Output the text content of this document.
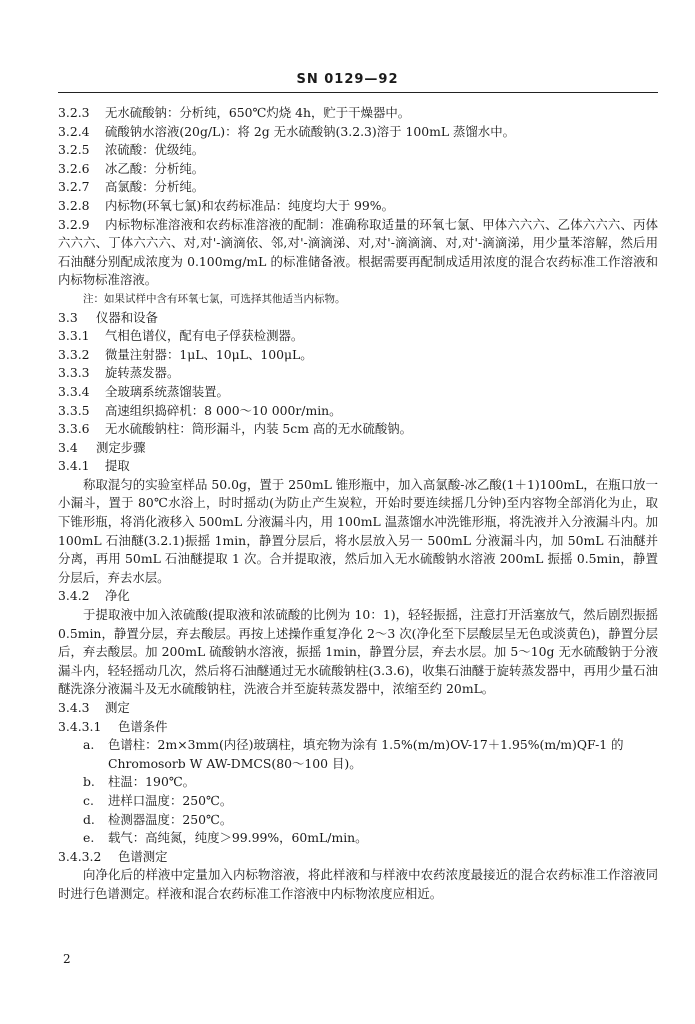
SN 0129—92
3.2.3	无水硫酸钠：分析纯，650℃灼烧 4h，贮于干燥器中。
3.2.4	硫酸钠水溶液(20g/L)：将 2g 无水硫酸钠(3.2.3)溶于 100mL 蒸馏水中。
3.2.5	浓硫酸：优级纯。
3.2.6	冰乙酸：分析纯。
3.2.7	高氯酸：分析纯。
3.2.8	内标物(环氧七氯)和农药标准品：纯度均大于 99%。
3.2.9 内标物标准溶液和农药标准溶液的配制：准确称取适量的环氧七氯、甲体六六六、乙体六六六、丙体六六六、丁体六六六、对,对'-滴滴依、邻,对'-滴滴涕、对,对'-滴滴滴、对,对'-滴滴涕，用少量苯溶解，然后用石油醚分别配成浓度为 0.100mg/mL 的标准储备液。根据需要再配制成适用浓度的混合农药标准工作溶液和内标物标准溶液。
注：如果试样中含有环氧七氯，可选择其他适当内标物。
3.3	仪器和设备
3.3.1	气相色谱仪，配有电子俘获检测器。
3.3.2	微量注射器：1μL、10μL、100μL。
3.3.3	旋转蒸发器。
3.3.4	全玻璃系统蒸馏装置。
3.3.5	高速组织捣碎机：8 000～10 000r/min。
3.3.6	无水硫酸钠柱：筒形漏斗，内装 5cm 高的无水硫酸钠。
3.4	测定步骤
3.4.1	提取
称取混匀的实验室样品 50.0g，置于 250mL 锥形瓶中，加入高氯酸-冰乙酸(1＋1)100mL，在瓶口放一小漏斗，置于 80℃水浴上，时时摇动(为防止产生炭粒，开始时要连续摇几分钟)至内容物全部消化为止，取下锥形瓶，将消化液移入 500mL 分液漏斗内，用 100mL 温蒸馏水冲洗锥形瓶，将洗液并入分液漏斗内。加 100mL 石油醚(3.2.1)振摇 1min，静置分层后，将水层放入另一 500mL 分液漏斗内，加 50mL 石油醚并分离，再用 50mL 石油醚提取 1 次。合并提取液，然后加入无水硫酸钠水溶液 200mL 振摇 0.5min，静置分层后，弃去水层。
3.4.2	净化
于提取液中加入浓硫酸(提取液和浓硫酸的比例为 10：1)，轻轻振摇，注意打开活塞放气，然后剧烈振摇 0.5min，静置分层，弃去酸层。再按上述操作重复净化 2～3 次(净化至下层酸层呈无色或淡黄色)，静置分层后，弃去酸层。加 200mL 硫酸钠水溶液，振摇 1min，静置分层，弃去水层。加 5～10g 无水硫酸钠于分液漏斗内，轻轻摇动几次，然后将石油醚通过无水硫酸钠柱(3.3.6)，收集石油醚于旋转蒸发器中，再用少量石油醚洗涤分液漏斗及无水硫酸钠柱，洗液合并至旋转蒸发器中，浓缩至约 20mL。
3.4.3	测定
3.4.3.1	色谱条件
a.	色谱柱：2m×3mm(内径)玻璃柱，填充物为涂有 1.5%(m/m)OV-17＋1.95%(m/m)QF-1 的 Chromosorb W AW-DMCS(80～100 目)。
b.	柱温：190℃。
c.	进样口温度：250℃。
d.	检测器温度：250℃。
e.	载气：高纯氮，纯度＞99.99%，60mL/min。
3.4.3.2	色谱测定
向净化后的样液中定量加入内标物溶液，将此样液和与样液中农药浓度最接近的混合农药标准工作溶液同时进行色谱测定。样液和混合农药标准工作溶液中内标物浓度应相近。
2
